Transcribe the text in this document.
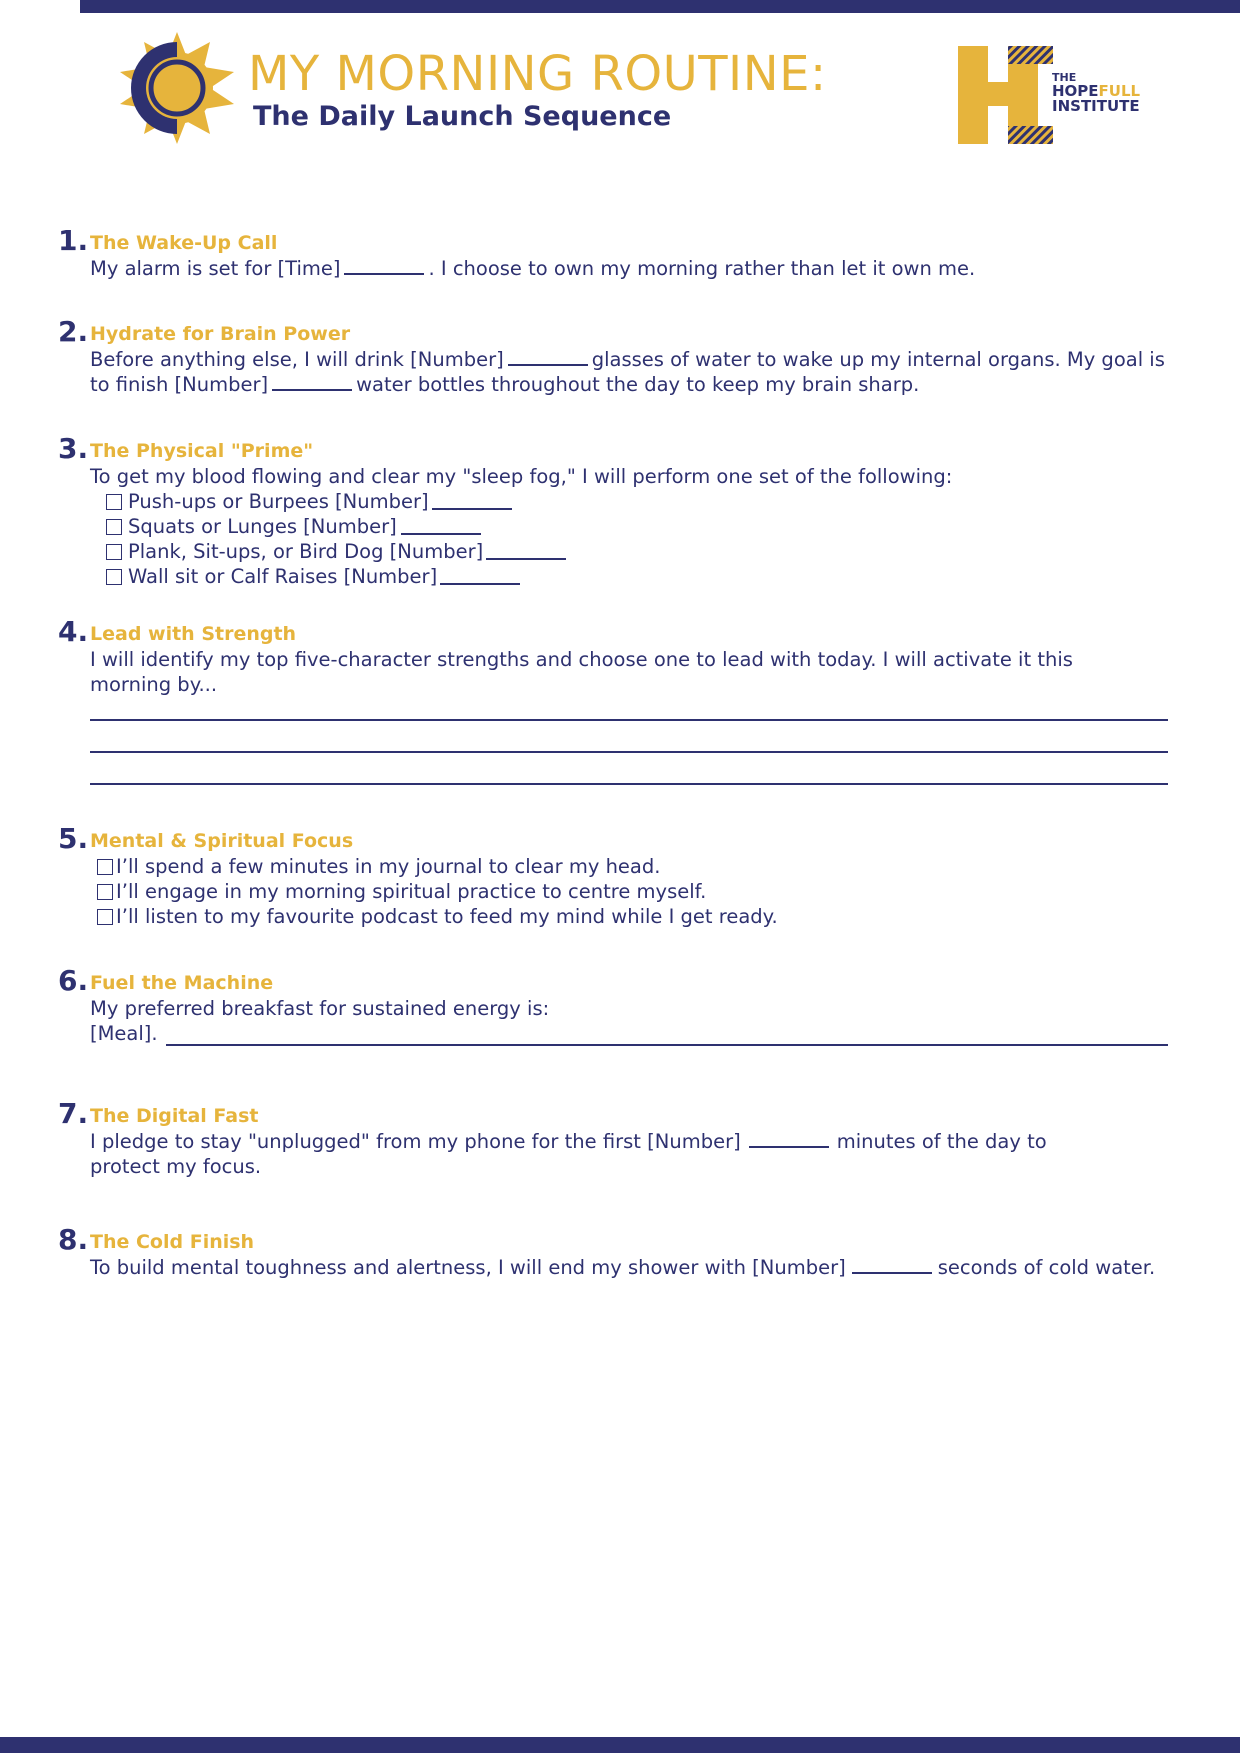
MY MORNING ROUTINE:
The Daily Launch Sequence
THE
HOPEFULL
INSTITUTE
1. The Wake-Up Call
My alarm is set for [Time]	. I choose to own my morning rather than let it own me.
2. Hydrate for Brain Power
Before anything else, I will drink [Number]	glasses of water to wake up my internal organs. My goal is to finish [Number]	water bottles throughout the day to keep my brain sharp.
3. The Physical "Prime"
To get my blood flowing and clear my "sleep fog," I will perform one set of the following:
Push-ups or Burpees [Number]
Squats or Lunges [Number]
Plank, Sit-ups, or Bird Dog [Number]
Wall sit or Calf Raises [Number]
4. Lead with Strength
I will identify my top five-character strengths and choose one to lead with today. I will activate it this morning by...
5. Mental & Spiritual Focus
I’ll spend a few minutes in my journal to clear my head.
I’ll engage in my morning spiritual practice to centre myself.
I’ll listen to my favourite podcast to feed my mind while I get ready.
6. Fuel the Machine
My preferred breakfast for sustained energy is:
[Meal].
7. The Digital Fast
I pledge to stay "unplugged" from my phone for the first [Number]	minutes of the day to protect my focus.
8. The Cold Finish
To build mental toughness and alertness, I will end my shower with [Number]	seconds of cold water.
